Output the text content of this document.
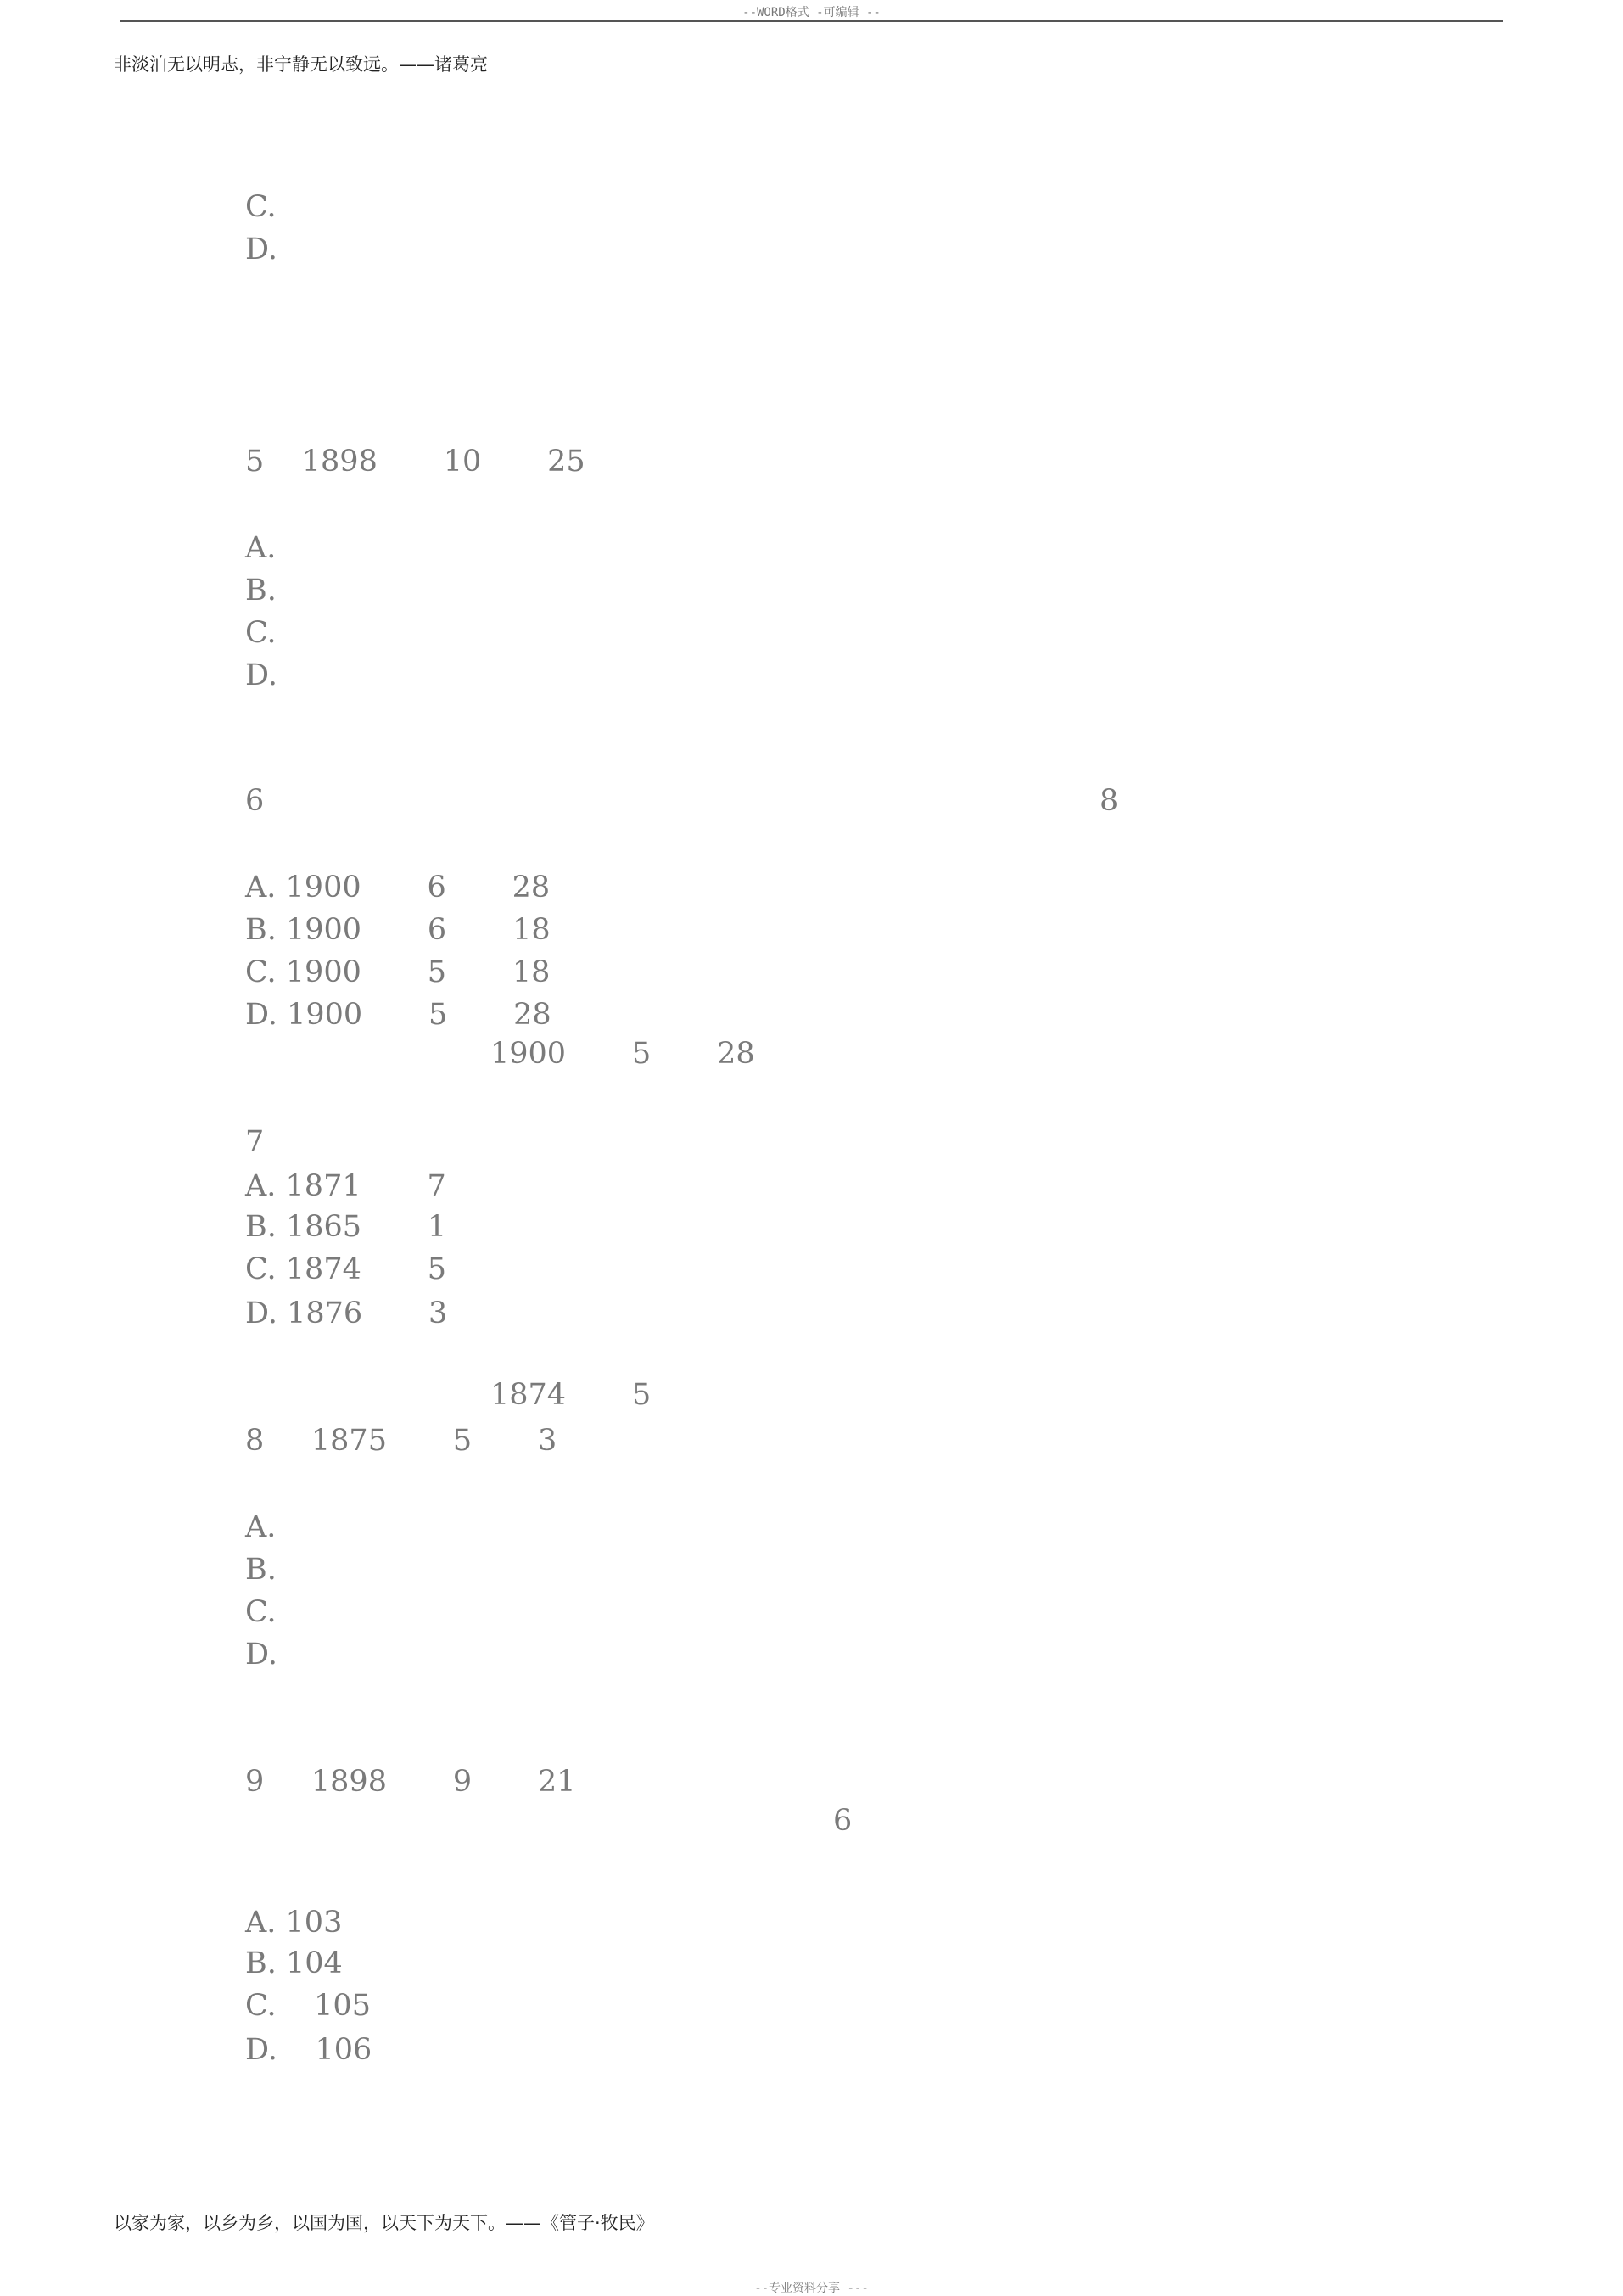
--WORD格式 -可编辑 --
非淡泊无以明志，非宁静无以致远。——诸葛亮
C.
D.
5    1898       10       25
A.
B.
C.
D.
6	8
A. 1900       6       28
B. 1900       6       18
C. 1900       5       18
D. 1900       5       28
1900       5       28
7
A. 1871       7
B. 1865       1
C. 1874       5
D. 1876       3
1874       5
8     1875       5       3
A.
B.
C.
D.
9     1898       9       21
6
A. 103
B. 104
C.    105
D.    106
以家为家，以乡为乡，以国为国，以天下为天下。——《管子·牧民》
--专业资料分享 ---
